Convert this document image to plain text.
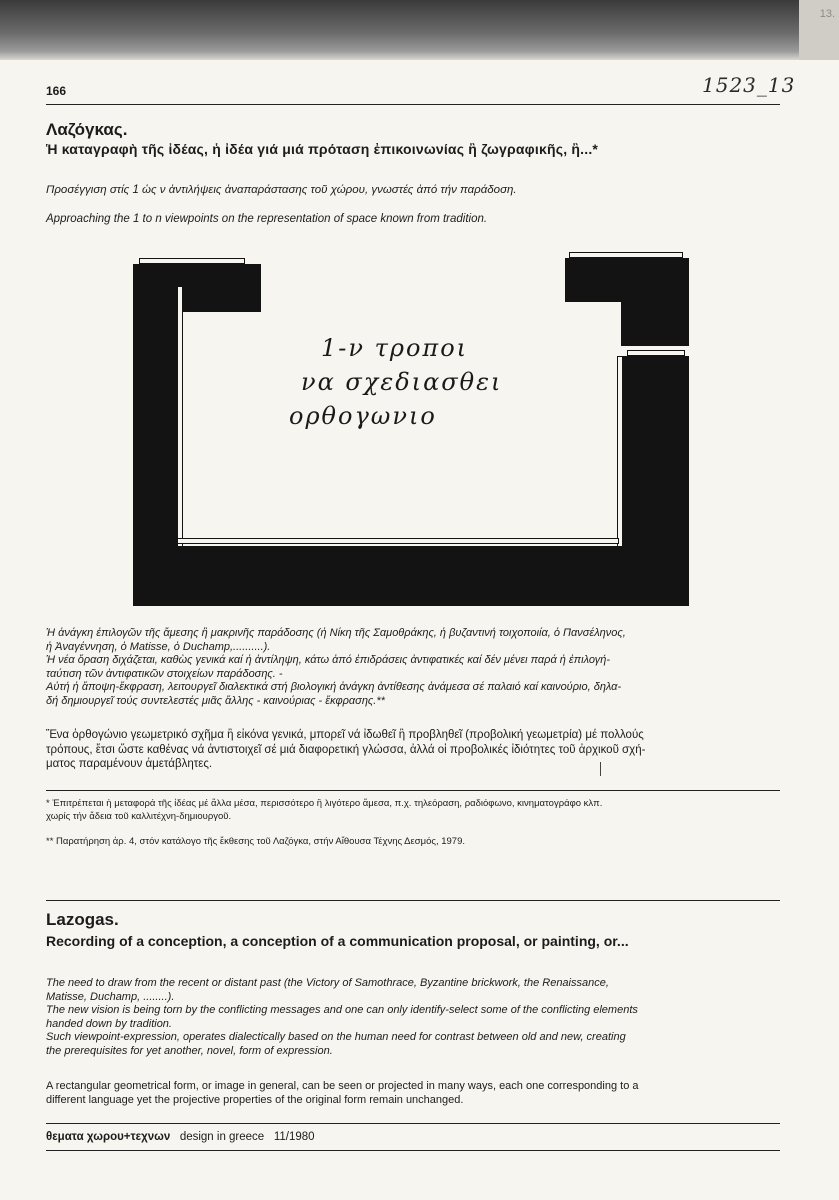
13.
166	1523_13
Λαζόγκας.
Ἡ καταγραφὴ τῆς ἰδέας, ἡ ἰδέα γιά μιά πρόταση ἐπικοινωνίας ἢ ζωγραφικῆς, ἢ...*
Προσέγγιση στίς 1 ὡς ν ἀντιλήψεις ἀναπαράστασης τοῦ χώρου, γνωστές ἀπό τήν παράδοση.
Approaching the 1 to n viewpoints on the representation of space known from tradition.
1-ν τροποι
να σχεδιασθει
ορθογωνιο
Ἡ ἀνάγκη ἐπιλογῶν τῆς ἄμεσης ἢ μακρινῆς παράδοσης (ἡ Νίκη τῆς Σαμοθράκης, ἡ βυζαντινή τοιχοποιία, ὁ Πανσέληνος,
ἡ Ἀναγέννηση, ὁ Matisse, ὁ Duchamp,..........).
Ἡ νέα ὅραση διχάζεται, καθὼς γενικά καί ἡ ἀντίληψη, κάτω ἀπό ἐπιδράσεις ἀντιφατικές καί δέν μένει παρά ἡ ἐπιλογή-
ταύτιση τῶν ἀντιφατικῶν στοιχείων παράδοσης. -
Αὐτή ἡ ἄποψη-ἔκφραση, λειτουργεῖ διαλεκτικά στή βιολογική ἀνάγκη ἀντίθεσης ἀνάμεσα σέ παλαιό καί καινούριο, δηλα-
δή δημιουργεῖ τούς συντελεστές μιᾶς ἄλλης - καινούριας - ἔκφρασης.**
Ἕνα ὀρθογώνιο γεωμετρικό σχῆμα ἢ εἰκόνα γενικά, μπορεῖ νά ἰδωθεῖ ἢ προβληθεῖ (προβολική γεωμετρία) μέ πολλούς
τρόπους, ἔτσι ὥστε καθένας νά ἀντιστοιχεῖ σέ μιά διαφορετική γλώσσα, ἀλλά οἱ προβολικές ἰδιότητες τοῦ ἀρχικοῦ σχή-
ματος παραμένουν ἀμετάβλητες.
* Ἐπιτρέπεται ἡ μεταφορά τῆς ἰδέας μέ ἄλλα μέσα, περισσότερο ἢ λιγότερο ἄμεσα, π.χ. τηλεόραση, ραδιόφωνο, κινηματογράφο κλπ.
χωρίς τήν ἄδεια τοῦ καλλιτέχνη-δημιουργοῦ.
** Παρατήρηση ἀρ. 4, στόν κατάλογο τῆς ἔκθεσης τοῦ Λαζόγκα, στήν Αἴθουσα Τέχνης Δεσμός, 1979.
Lazogas.
Recording of a conception, a conception of a communication proposal, or painting, or...
The need to draw from the recent or distant past (the Victory of Samothrace, Byzantine brickwork, the Renaissance,
Matisse, Duchamp, ........).
The new vision is being torn by the conflicting messages and one can only identify-select some of the conflicting elements
handed down by tradition.
Such viewpoint-expression, operates dialectically based on the human need for contrast between old and new, creating
the prerequisites for yet another, novel, form of expression.
A rectangular geometrical form, or image in general, can be seen or projected in many ways, each one corresponding to a
different language yet the projective properties of the original form remain unchanged.
θεματα χωρου+τεχνων design in greece 11/1980
